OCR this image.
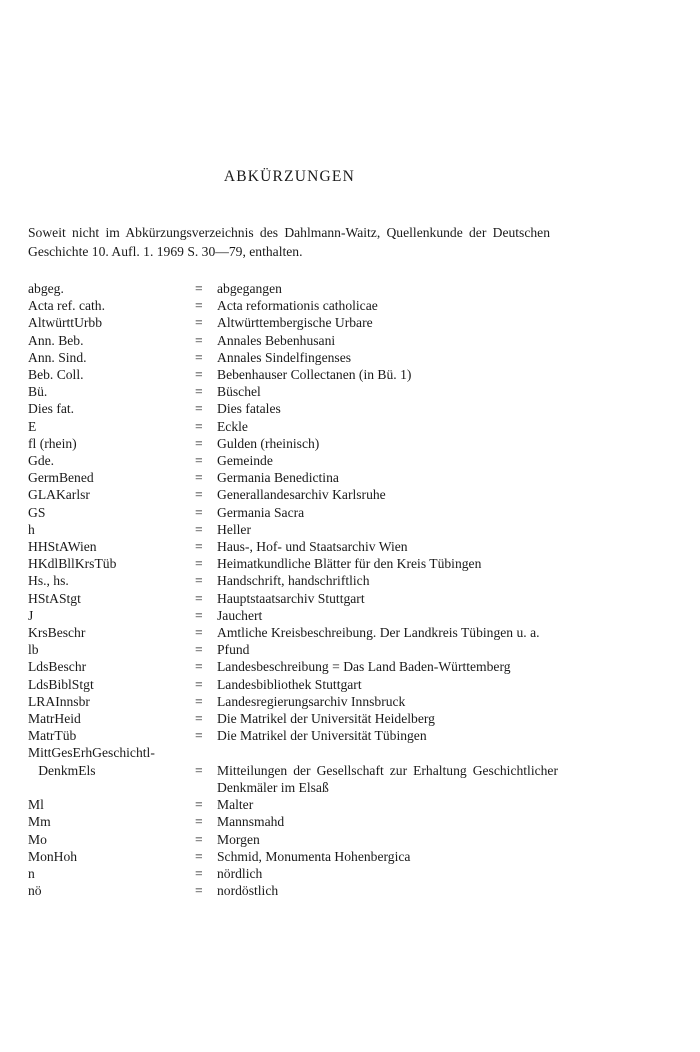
ABKÜRZUNGEN
Soweit nicht im Abkürzungsverzeichnis des Dahlmann-Waitz, Quellenkunde der Deutschen Geschichte 10. Aufl. 1. 1969 S. 30—79, enthalten.
abgeg.	=	abgegangen
Acta ref. cath.	=	Acta reformationis catholicae
AltwürttUrbb	=	Altwürttembergische Urbare
Ann. Beb.	=	Annales Bebenhusani
Ann. Sind.	=	Annales Sindelfingenses
Beb. Coll.	=	Bebenhauser Collectanen (in Bü. 1)
Bü.	=	Büschel
Dies fat.	=	Dies fatales
E	=	Eckle
fl (rhein)	=	Gulden (rheinisch)
Gde.	=	Gemeinde
GermBened	=	Germania Benedictina
GLAKarlsr	=	Generallandesarchiv Karlsruhe
GS	=	Germania Sacra
h	=	Heller
HHStAWien	=	Haus-, Hof- und Staatsarchiv Wien
HKdlBllKrsTüb	=	Heimatkundliche Blätter für den Kreis Tübingen
Hs., hs.	=	Handschrift, handschriftlich
HStAStgt	=	Hauptstaatsarchiv Stuttgart
J	=	Jauchert
KrsBeschr	=	Amtliche Kreisbeschreibung. Der Landkreis Tübingen u. a.
lb	=	Pfund
LdsBeschr	=	Landesbeschreibung = Das Land Baden-Württemberg
LdsBiblStgt	=	Landesbibliothek Stuttgart
LRAInnsbr	=	Landesregierungsarchiv Innsbruck
MatrHeid	=	Die Matrikel der Universität Heidelberg
MatrTüb	=	Die Matrikel der Universität Tübingen
MittGesErhGeschichtl-
DenkmEls	=	Mitteilungen der Gesellschaft zur Erhaltung Geschichtlicher Denkmäler im Elsaß
Ml	=	Malter
Mm	=	Mannsmahd
Mo	=	Morgen
MonHoh	=	Schmid, Monumenta Hohenbergica
n	=	nördlich
nö	=	nordöstlich
